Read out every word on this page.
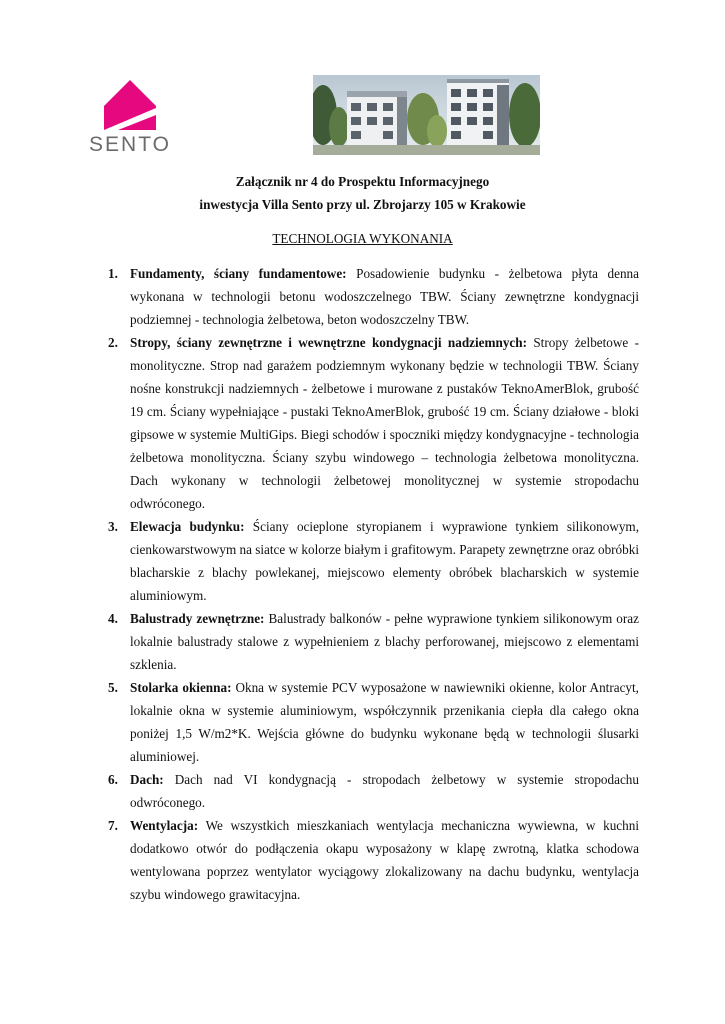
SENTO
Załącznik nr 4 do Prospektu Informacyjnego
inwestycja Villa Sento przy ul. Zbrojarzy 105 w Krakowie
TECHNOLOGIA WYKONANIA
1. Fundamenty, ściany fundamentowe: Posadowienie budynku - żelbetowa płyta denna wykonana w technologii betonu wodoszczelnego TBW. Ściany zewnętrzne kondygnacji podziemnej - technologia żelbetowa, beton wodoszczelny TBW.
2. Stropy, ściany zewnętrzne i wewnętrzne kondygnacji nadziemnych: Stropy żelbetowe - monolityczne. Strop nad garażem podziemnym wykonany będzie w technologii TBW. Ściany nośne konstrukcji nadziemnych - żelbetowe i murowane z pustaków TeknoAmerBlok, grubość 19 cm. Ściany wypełniające - pustaki TeknoAmerBlok, grubość 19 cm. Ściany działowe - bloki gipsowe w systemie MultiGips. Biegi schodów i spoczniki między kondygnacyjne - technologia żelbetowa monolityczna. Ściany szybu windowego – technologia żelbetowa monolityczna. Dach wykonany w technologii żelbetowej monolitycznej w systemie stropodachu odwróconego.
3. Elewacja budynku: Ściany ocieplone styropianem i wyprawione tynkiem silikonowym, cienkowarstwowym na siatce w kolorze białym i grafitowym. Parapety zewnętrzne oraz obróbki blacharskie z blachy powlekanej, miejscowo elementy obróbek blacharskich w systemie aluminiowym.
4. Balustrady zewnętrzne: Balustrady balkonów - pełne wyprawione tynkiem silikonowym oraz lokalnie balustrady stalowe z wypełnieniem z blachy perforowanej, miejscowo z elementami szklenia.
5. Stolarka okienna: Okna w systemie PCV wyposażone w nawiewniki okienne, kolor Antracyt, lokalnie okna w systemie aluminiowym, współczynnik przenikania ciepła dla całego okna poniżej 1,5 W/m2*K. Wejścia główne do budynku wykonane będą w technologii ślusarki aluminiowej.
6. Dach: Dach nad VI kondygnacją - stropodach żelbetowy w systemie stropodachu odwróconego.
7. Wentylacja: We wszystkich mieszkaniach wentylacja mechaniczna wywiewna, w kuchni dodatkowo otwór do podłączenia okapu wyposażony w klapę zwrotną, klatka schodowa wentylowana poprzez wentylator wyciągowy zlokalizowany na dachu budynku, wentylacja szybu windowego grawitacyjna.
